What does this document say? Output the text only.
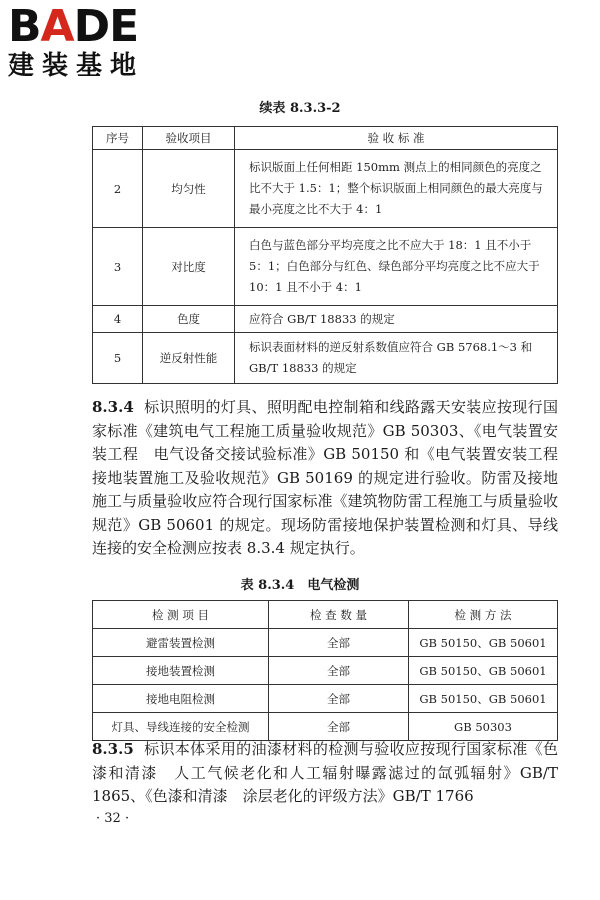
BADE
建装基地
续表 8.3.3-2
序号	验收项目	验 收 标 准
2	均匀性	标识版面上任何相距 150mm 测点上的相同颜色的亮度之比不大于 1.5：1；整个标识版面上相同颜色的最大亮度与最小亮度之比不大于 4：1
3	对比度	白色与蓝色部分平均亮度之比不应大于 18：1 且不小于 5：1；白色部分与红色、绿色部分平均亮度之比不应大于 10：1 且不小于 4：1
4	色度	应符合 GB/T 18833 的规定
5	逆反射性能	标识表面材料的逆反射系数值应符合 GB 5768.1～3 和 GB/T 18833 的规定

8.3.4 标识照明的灯具、照明配电控制箱和线路露天安装应按现行国家标准《建筑电气工程施工质量验收规范》GB 50303、《电气装置安装工程　电气设备交接试验标准》GB 50150 和《电气装置安装工程接地装置施工及验收规范》GB 50169 的规定进行验收。防雷及接地施工与质量验收应符合现行国家标准《建筑物防雷工程施工与质量验收规范》GB 50601 的规定。现场防雷接地保护装置检测和灯具、导线连接的安全检测应按表 8.3.4 规定执行。

表 8.3.4　电气检测
检 测 项 目	检 查 数 量	检 测 方 法
避雷装置检测	全部	GB 50150、GB 50601
接地装置检测	全部	GB 50150、GB 50601
接地电阻检测	全部	GB 50150、GB 50601
灯具、导线连接的安全检测	全部	GB 50303

8.3.5 标识本体采用的油漆材料的检测与验收应按现行国家标准《色漆和清漆　人工气候老化和人工辐射曝露滤过的氙弧辐射》GB/T 1865、《色漆和清漆　涂层老化的评级方法》GB/T 1766

· 32 ·
